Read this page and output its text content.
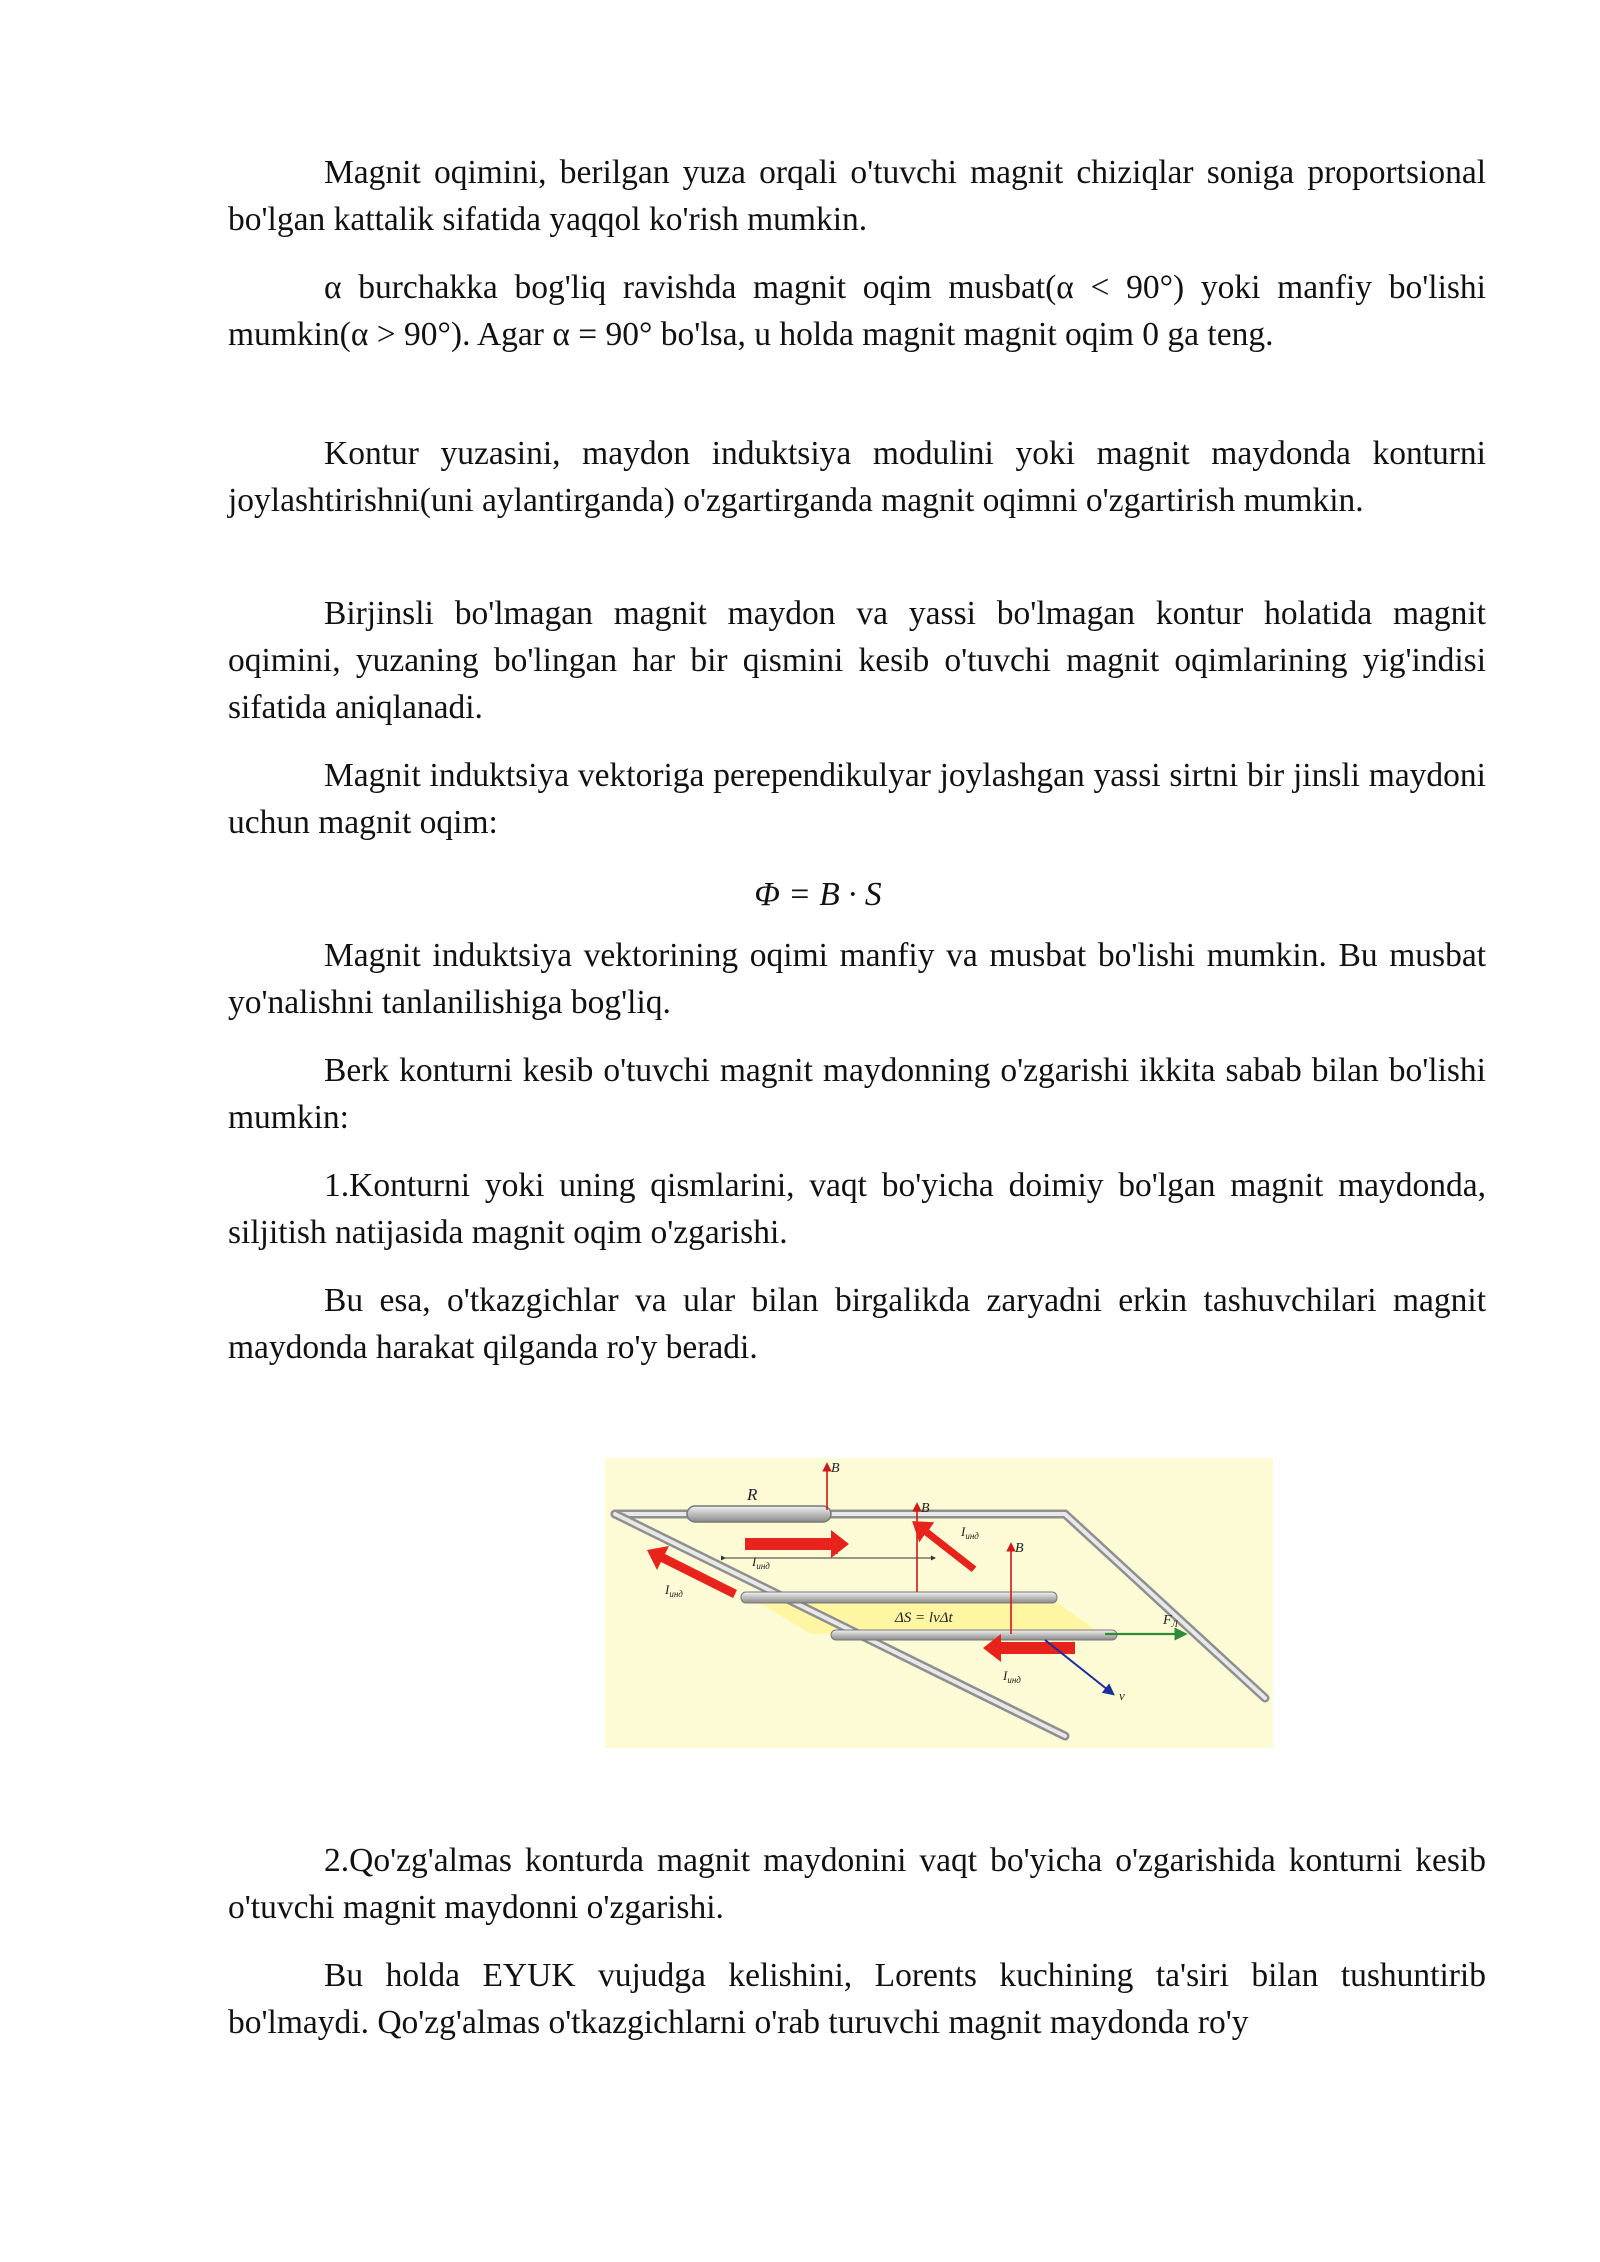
Magnit oqimini, berilgan yuza orqali o'tuvchi magnit chiziqlar soniga proportsional bo'lgan kattalik sifatida yaqqol ko'rish mumkin.

α burchakka bog'liq ravishda magnit oqim musbat(α < 90°) yoki manfiy bo'lishi mumkin(α > 90°). Agar α = 90° bo'lsa, u holda magnit magnit oqim 0 ga teng.

Kontur yuzasini, maydon induktsiya modulini yoki magnit maydonda konturni joylashtirishni(uni aylantirganda) o'zgartirganda magnit oqimni o'zgartirish mumkin.

Birjinsli bo'lmagan magnit maydon va yassi bo'lmagan kontur holatida magnit oqimini, yuzaning bo'lingan har bir qismini kesib o'tuvchi magnit oqimlarining yig'indisi sifatida aniqlanadi.

Magnit induktsiya vektoriga perependikulyar joylashgan yassi sirtni bir jinsli maydoni uchun magnit oqim:

Φ = B · S

Magnit induktsiya vektorining oqimi manfiy va musbat bo'lishi mumkin. Bu musbat yo'nalishni tanlanilishiga bog'liq.

Berk konturni kesib o'tuvchi magnit maydonning o'zgarishi ikkita sabab bilan bo'lishi mumkin:

1.Konturni yoki uning qismlarini, vaqt bo'yicha doimiy bo'lgan magnit maydonda, siljitish natijasida magnit oqim o'zgarishi.

Bu esa, o'tkazgichlar va ular bilan birgalikda zaryadni erkin tashuvchilari magnit maydonda harakat qilganda ro'y beradi.

R
ΔS = lvΔt
B
B
B
$I_{инд}$
$I_{инд}$
$I_{инд}$
$I_{инд}$
v
$F_Л$

2.Qo'zg'almas konturda magnit maydonini vaqt bo'yicha o'zgarishida konturni kesib o'tuvchi magnit maydonni o'zgarishi.

Bu holda EYUK vujudga kelishini, Lorents kuchining ta'siri bilan tushuntirib bo'lmaydi. Qo'zg'almas o'tkazgichlarni o'rab turuvchi magnit maydonda ro'y
